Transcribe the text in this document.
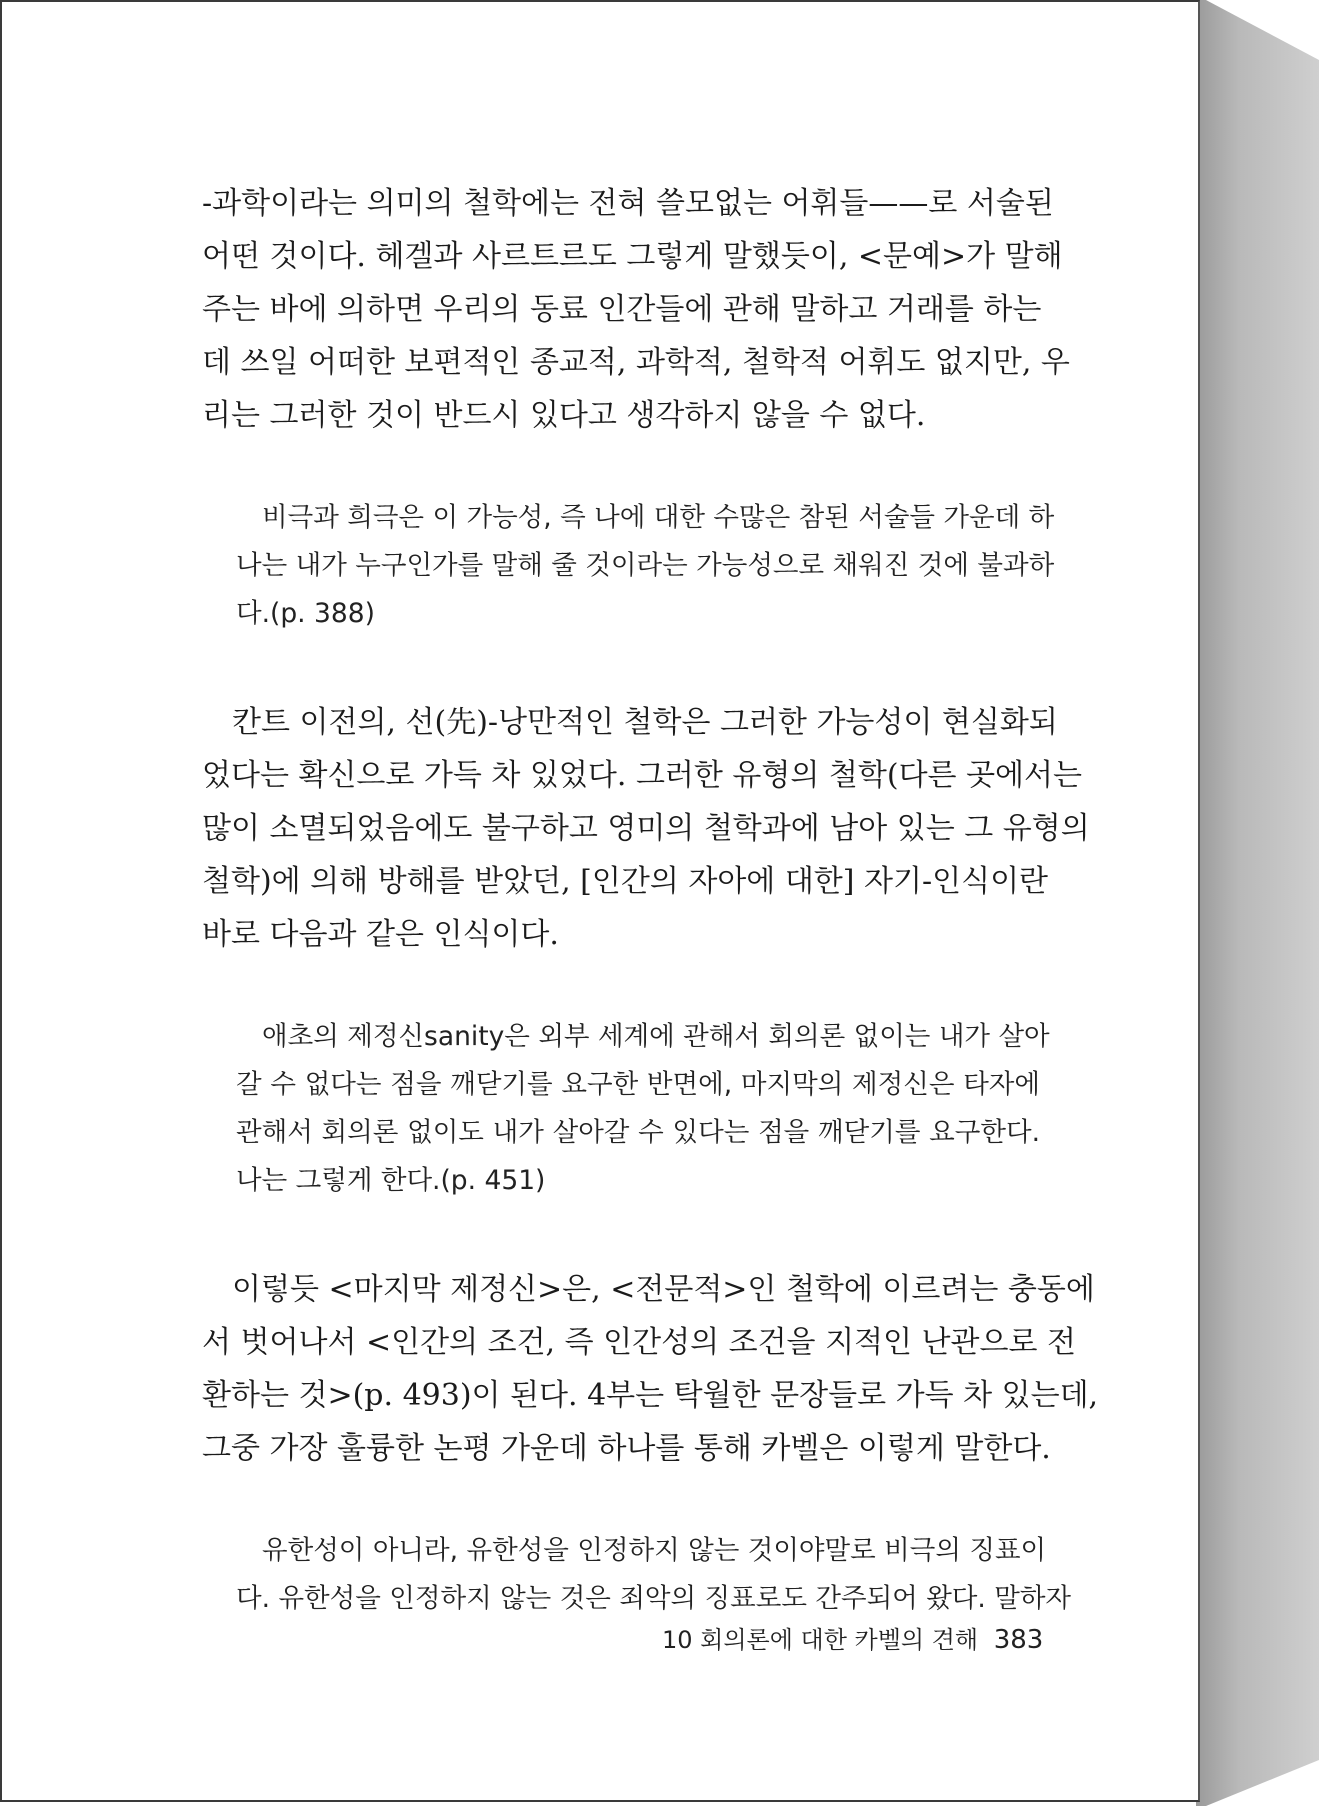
-과학이라는 의미의 철학에는 전혀 쓸모없는 어휘들——로 서술된
어떤 것이다. 헤겔과 사르트르도 그렇게 말했듯이, <문예>가 말해
주는 바에 의하면 우리의 동료 인간들에 관해 말하고 거래를 하는
데 쓰일 어떠한 보편적인 종교적, 과학적, 철학적 어휘도 없지만, 우
리는 그러한 것이 반드시 있다고 생각하지 않을 수 없다.

비극과 희극은 이 가능성, 즉 나에 대한 수많은 참된 서술들 가운데 하
나는 내가 누구인가를 말해 줄 것이라는 가능성으로 채워진 것에 불과하
다.(p. 388)

칸트 이전의, 선(先)-낭만적인 철학은 그러한 가능성이 현실화되
었다는 확신으로 가득 차 있었다. 그러한 유형의 철학(다른 곳에서는
많이 소멸되었음에도 불구하고 영미의 철학과에 남아 있는 그 유형의
철학)에 의해 방해를 받았던, [인간의 자아에 대한] 자기-인식이란
바로 다음과 같은 인식이다.

애초의 제정신sanity은 외부 세계에 관해서 회의론 없이는 내가 살아
갈 수 없다는 점을 깨닫기를 요구한 반면에, 마지막의 제정신은 타자에
관해서 회의론 없이도 내가 살아갈 수 있다는 점을 깨닫기를 요구한다.
나는 그렇게 한다.(p. 451)

이렇듯 <마지막 제정신>은, <전문적>인 철학에 이르려는 충동에
서 벗어나서 <인간의 조건, 즉 인간성의 조건을 지적인 난관으로 전
환하는 것>(p. 493)이 된다. 4부는 탁월한 문장들로 가득 차 있는데,
그중 가장 훌륭한 논평 가운데 하나를 통해 카벨은 이렇게 말한다.

유한성이 아니라, 유한성을 인정하지 않는 것이야말로 비극의 징표이
다. 유한성을 인정하지 않는 것은 죄악의 징표로도 간주되어 왔다. 말하자

10 회의론에 대한 카벨의 견해 383
